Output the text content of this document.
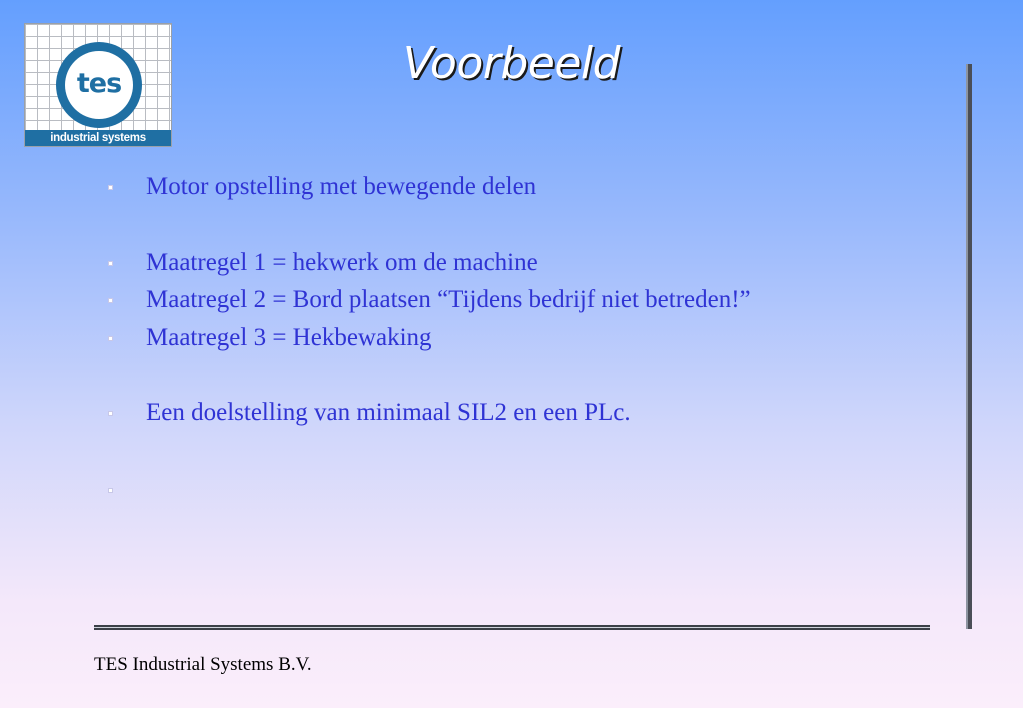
tes
industrial systems
Voorbeeld
Motor opstelling met bewegende delen
Maatregel 1 = hekwerk om de machine
Maatregel 2 = Bord plaatsen “Tijdens bedrijf niet betreden!”
Maatregel 3 = Hekbewaking
Een doelstelling van minimaal SIL2 en een PLc.
TES Industrial Systems B.V.
